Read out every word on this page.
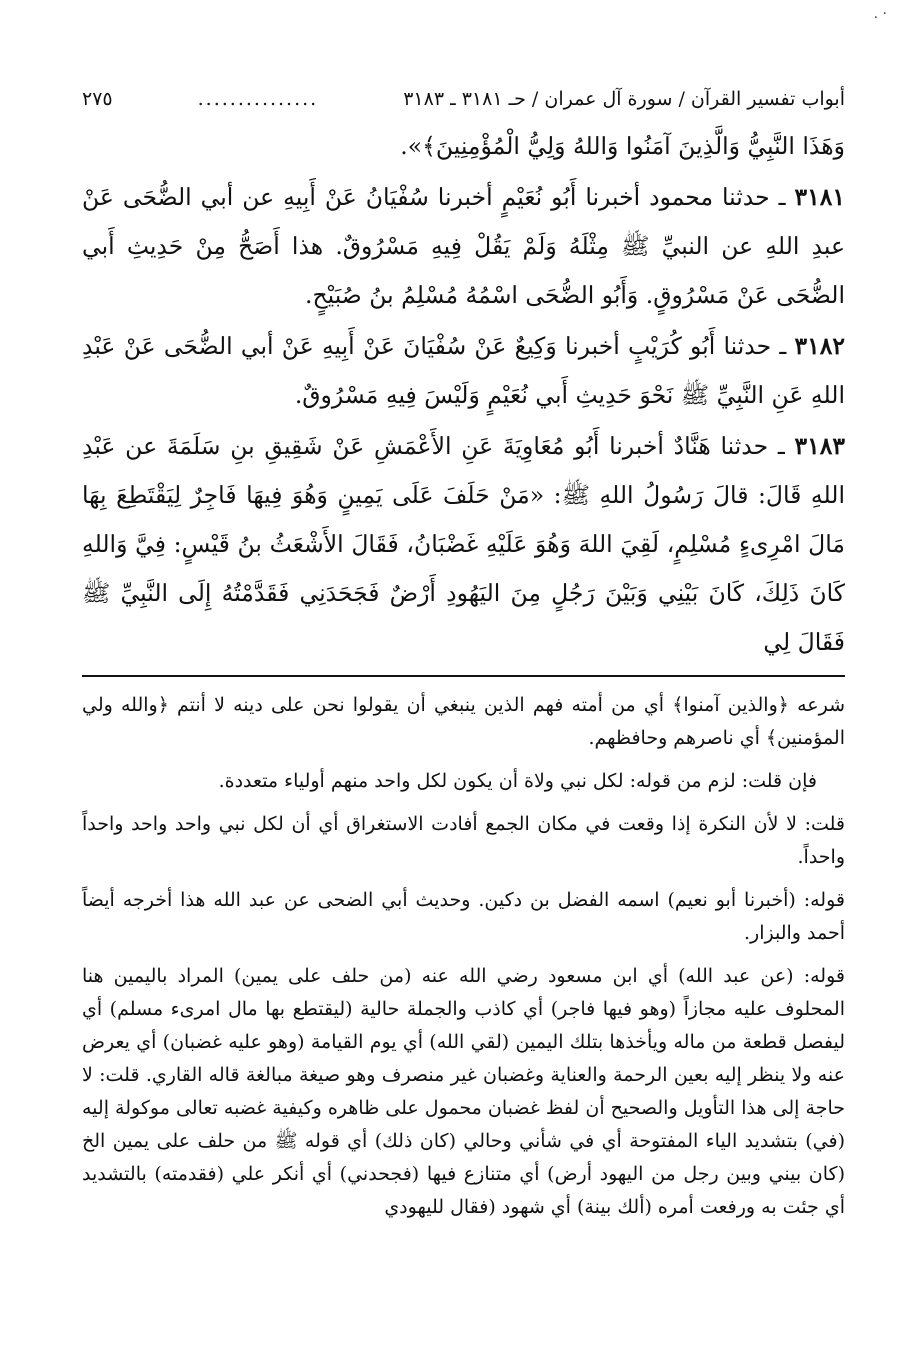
. ·
أبواب تفسير القرآن / سورة آل عمران / حـ ٣١٨١ ـ ٣١٨٣
...............
٢٧٥

وَهَذَا النَّبِيُّ وَالَّذِينَ آمَنُوا وَاللهُ وَلِيُّ الْمُؤْمِنِينَ﴾».

٣١٨١ ـ حدثنا محمود أخبرنا أَبُو نُعَيْمٍ أخبرنا سُفْيَانُ عَنْ أَبِيهِ عن أبي الضُّحَى عَنْ عبدِ اللهِ عن النبيِّ ﷺ مِثْلَهُ وَلَمْ يَقُلْ فِيهِ مَسْرُوقٌ. هذا أَصَحُّ مِنْ حَدِيثِ أَبي الضُّحَى عَنْ مَسْرُوقٍ. وَأَبُو الضُّحَى اسْمُهُ مُسْلِمُ بنُ صُبَيْحٍ.

٣١٨٢ ـ حدثنا أَبُو كُرَيْبٍ أخبرنا وَكِيعٌ عَنْ سُفْيَانَ عَنْ أَبِيهِ عَنْ أبي الضُّحَى عَنْ عَبْدِ اللهِ عَنِ النَّبِيِّ ﷺ نَحْوَ حَدِيثِ أَبي نُعَيْمٍ وَلَيْسَ فِيهِ مَسْرُوقٌ.

٣١٨٣ ـ حدثنا هَنَّادٌ أخبرنا أَبُو مُعَاوِيَةَ عَنِ الأَعْمَشِ عَنْ شَقِيقِ بنِ سَلَمَةَ عن عَبْدِ اللهِ قَالَ: قالَ رَسُولُ اللهِ ﷺ: «مَنْ حَلَفَ عَلَى يَمِينٍ وَهُوَ فِيهَا فَاجِرٌ لِيَقْتَطِعَ بِهَا مَالَ امْرِىءٍ مُسْلِمٍ، لَقِيَ اللهَ وَهُوَ عَلَيْهِ غَضْبَانُ، فَقَالَ الأَشْعَثُ بنُ قَيْسٍ: فِيَّ وَاللهِ كَانَ ذَلِكَ، كَانَ بَيْنِي وَبَيْنَ رَجُلٍ مِنَ اليَهُودِ أَرْضٌ فَجَحَدَنِي فَقَدَّمْتُهُ إِلَى النَّبِيِّ ﷺ فَقَالَ لِي

شرعه ﴿والذين آمنوا﴾ أي من أمته فهم الذين ينبغي أن يقولوا نحن على دينه لا أنتم ﴿والله ولي المؤمنين﴾ أي ناصرهم وحافظهم.

فإن قلت: لزم من قوله: لكل نبي ولاة أن يكون لكل واحد منهم أولياء متعددة.

قلت: لا لأن النكرة إذا وقعت في مكان الجمع أفادت الاستغراق أي أن لكل نبي واحد واحد واحداً واحداً.

قوله: (أخبرنا أبو نعيم) اسمه الفضل بن دكين. وحديث أبي الضحى عن عبد الله هذا أخرجه أيضاً أحمد والبزار.

قوله: (عن عبد الله) أي ابن مسعود رضي الله عنه (من حلف على يمين) المراد باليمين هنا المحلوف عليه مجازاً (وهو فيها فاجر) أي كاذب والجملة حالية (ليقتطع بها مال امرىء مسلم) أي ليفصل قطعة من ماله ويأخذها بتلك اليمين (لقي الله) أي يوم القيامة (وهو عليه غضبان) أي يعرض عنه ولا ينظر إليه بعين الرحمة والعناية وغضبان غير منصرف وهو صيغة مبالغة قاله القاري. قلت: لا حاجة إلى هذا التأويل والصحيح أن لفظ غضبان محمول على ظاهره وكيفية غضبه تعالى موكولة إليه (في) بتشديد الياء المفتوحة أي في شأني وحالي (كان ذلك) أي قوله ﷺ من حلف على يمين الخ (كان بيني وبين رجل من اليهود أرض) أي متنازع فيها (فجحدني) أي أنكر علي (فقدمته) بالتشديد أي جئت به ورفعت أمره (ألك بينة) أي شهود (فقال لليهودي
